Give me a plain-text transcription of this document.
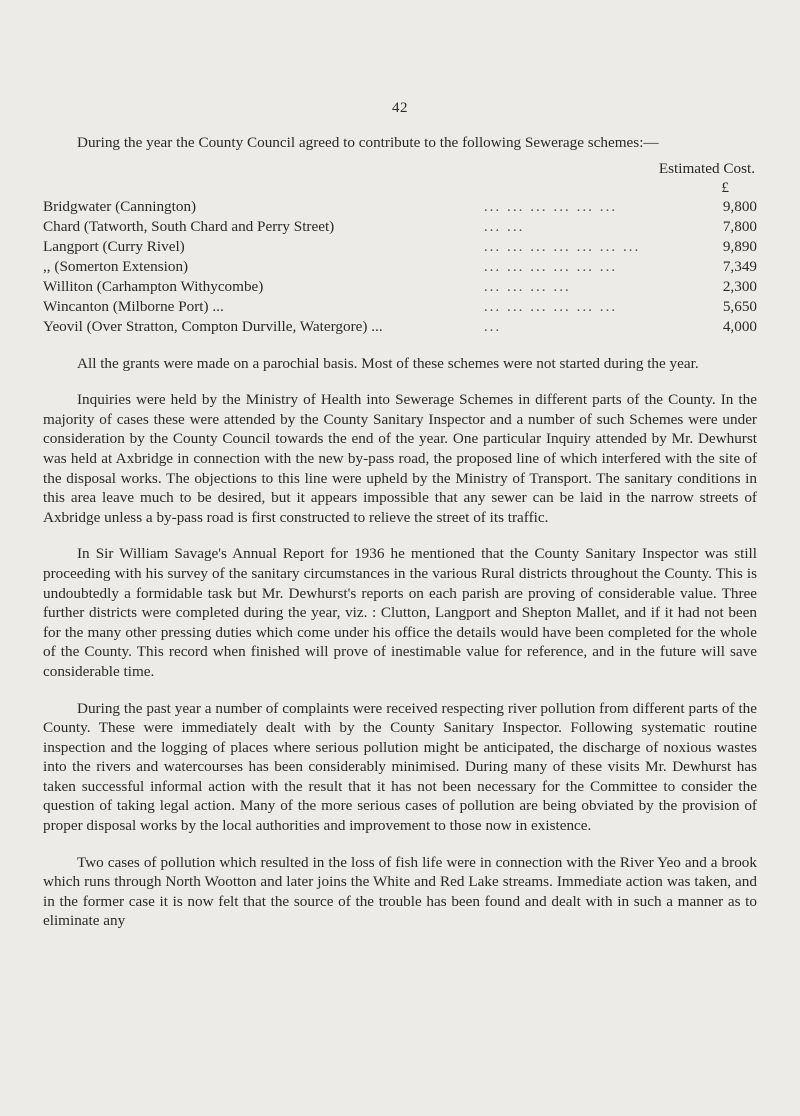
42

During the year the County Council agreed to contribute to the following Sewerage schemes:—

Estimated Cost.
£
Bridgwater (Cannington)	... ... ... ... ... ...	9,800
Chard (Tatworth, South Chard and Perry Street)	... ...	7,800
Langport (Curry Rivel)	... ... ... ... ... ... ...	9,890
,, (Somerton Extension)	... ... ... ... ... ...	7,349
Williton (Carhampton Withycombe)	... ... ... ...	2,300
Wincanton (Milborne Port) ...	... ... ... ... ... ...	5,650
Yeovil (Over Stratton, Compton Durville, Watergore) ...	...	4,000

All the grants were made on a parochial basis. Most of these schemes were not started during the year.

Inquiries were held by the Ministry of Health into Sewerage Schemes in different parts of the County. In the majority of cases these were attended by the County Sanitary Inspector and a number of such Schemes were under consideration by the County Council towards the end of the year. One particular Inquiry attended by Mr. Dewhurst was held at Axbridge in connection with the new by-pass road, the proposed line of which interfered with the site of the disposal works. The objections to this line were upheld by the Ministry of Transport. The sanitary conditions in this area leave much to be desired, but it appears impossible that any sewer can be laid in the narrow streets of Axbridge unless a by-pass road is first constructed to relieve the street of its traffic.

In Sir William Savage's Annual Report for 1936 he mentioned that the County Sanitary Inspector was still proceeding with his survey of the sanitary circumstances in the various Rural districts throughout the County. This is undoubtedly a formidable task but Mr. Dewhurst's reports on each parish are proving of considerable value. Three further districts were completed during the year, viz. : Clutton, Langport and Shepton Mallet, and if it had not been for the many other pressing duties which come under his office the details would have been completed for the whole of the County. This record when finished will prove of inestimable value for reference, and in the future will save considerable time.

During the past year a number of complaints were received respecting river pollution from different parts of the County. These were immediately dealt with by the County Sanitary Inspector. Following systematic routine inspection and the logging of places where serious pollution might be anticipated, the discharge of noxious wastes into the rivers and watercourses has been considerably minimised. During many of these visits Mr. Dewhurst has taken successful informal action with the result that it has not been necessary for the Committee to consider the question of taking legal action. Many of the more serious cases of pollution are being obviated by the provision of proper disposal works by the local authorities and improvement to those now in existence.

Two cases of pollution which resulted in the loss of fish life were in connection with the River Yeo and a brook which runs through North Wootton and later joins the White and Red Lake streams. Immediate action was taken, and in the former case it is now felt that the source of the trouble has been found and dealt with in such a manner as to eliminate any
